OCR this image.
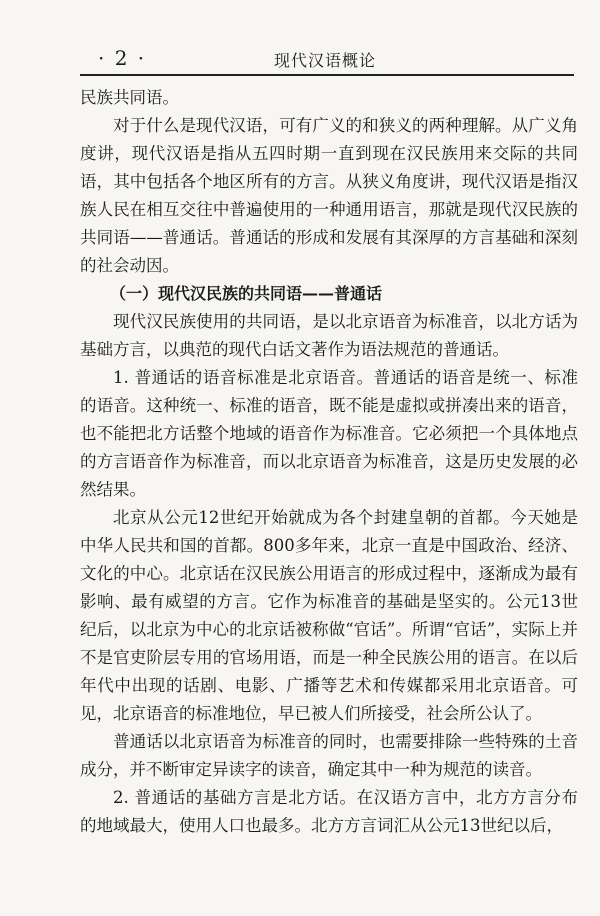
· 2 ·	现代汉语概论

民族共同语。

对于什么是现代汉语，可有广义的和狭义的两种理解。从广义角度讲，现代汉语是指从五四时期一直到现在汉民族用来交际的共同语，其中包括各个地区所有的方言。从狭义角度讲，现代汉语是指汉族人民在相互交往中普遍使用的一种通用语言，那就是现代汉民族的共同语——普通话。普通话的形成和发展有其深厚的方言基础和深刻的社会动因。

（一）现代汉民族的共同语——普通话

现代汉民族使用的共同语，是以北京语音为标准音，以北方话为基础方言，以典范的现代白话文著作为语法规范的普通话。

1. 普通话的语音标准是北京语音。普通话的语音是统一、标准的语音。这种统一、标准的语音，既不能是虚拟或拼凑出来的语音，也不能把北方话整个地域的语音作为标准音。它必须把一个具体地点的方言语音作为标准音，而以北京语音为标准音，这是历史发展的必然结果。

北京从公元12世纪开始就成为各个封建皇朝的首都。今天她是中华人民共和国的首都。800多年来，北京一直是中国政治、经济、文化的中心。北京话在汉民族公用语言的形成过程中，逐渐成为最有影响、最有威望的方言。它作为标准音的基础是坚实的。公元13世纪后，以北京为中心的北京话被称做“官话”。所谓“官话”，实际上并不是官吏阶层专用的官场用语，而是一种全民族公用的语言。在以后年代中出现的话剧、电影、广播等艺术和传媒都采用北京语音。可见，北京语音的标准地位，早已被人们所接受，社会所公认了。

普通话以北京语音为标准音的同时，也需要排除一些特殊的土音成分，并不断审定异读字的读音，确定其中一种为规范的读音。

2. 普通话的基础方言是北方话。在汉语方言中，北方方言分布的地域最大，使用人口也最多。北方方言词汇从公元13世纪以后，
